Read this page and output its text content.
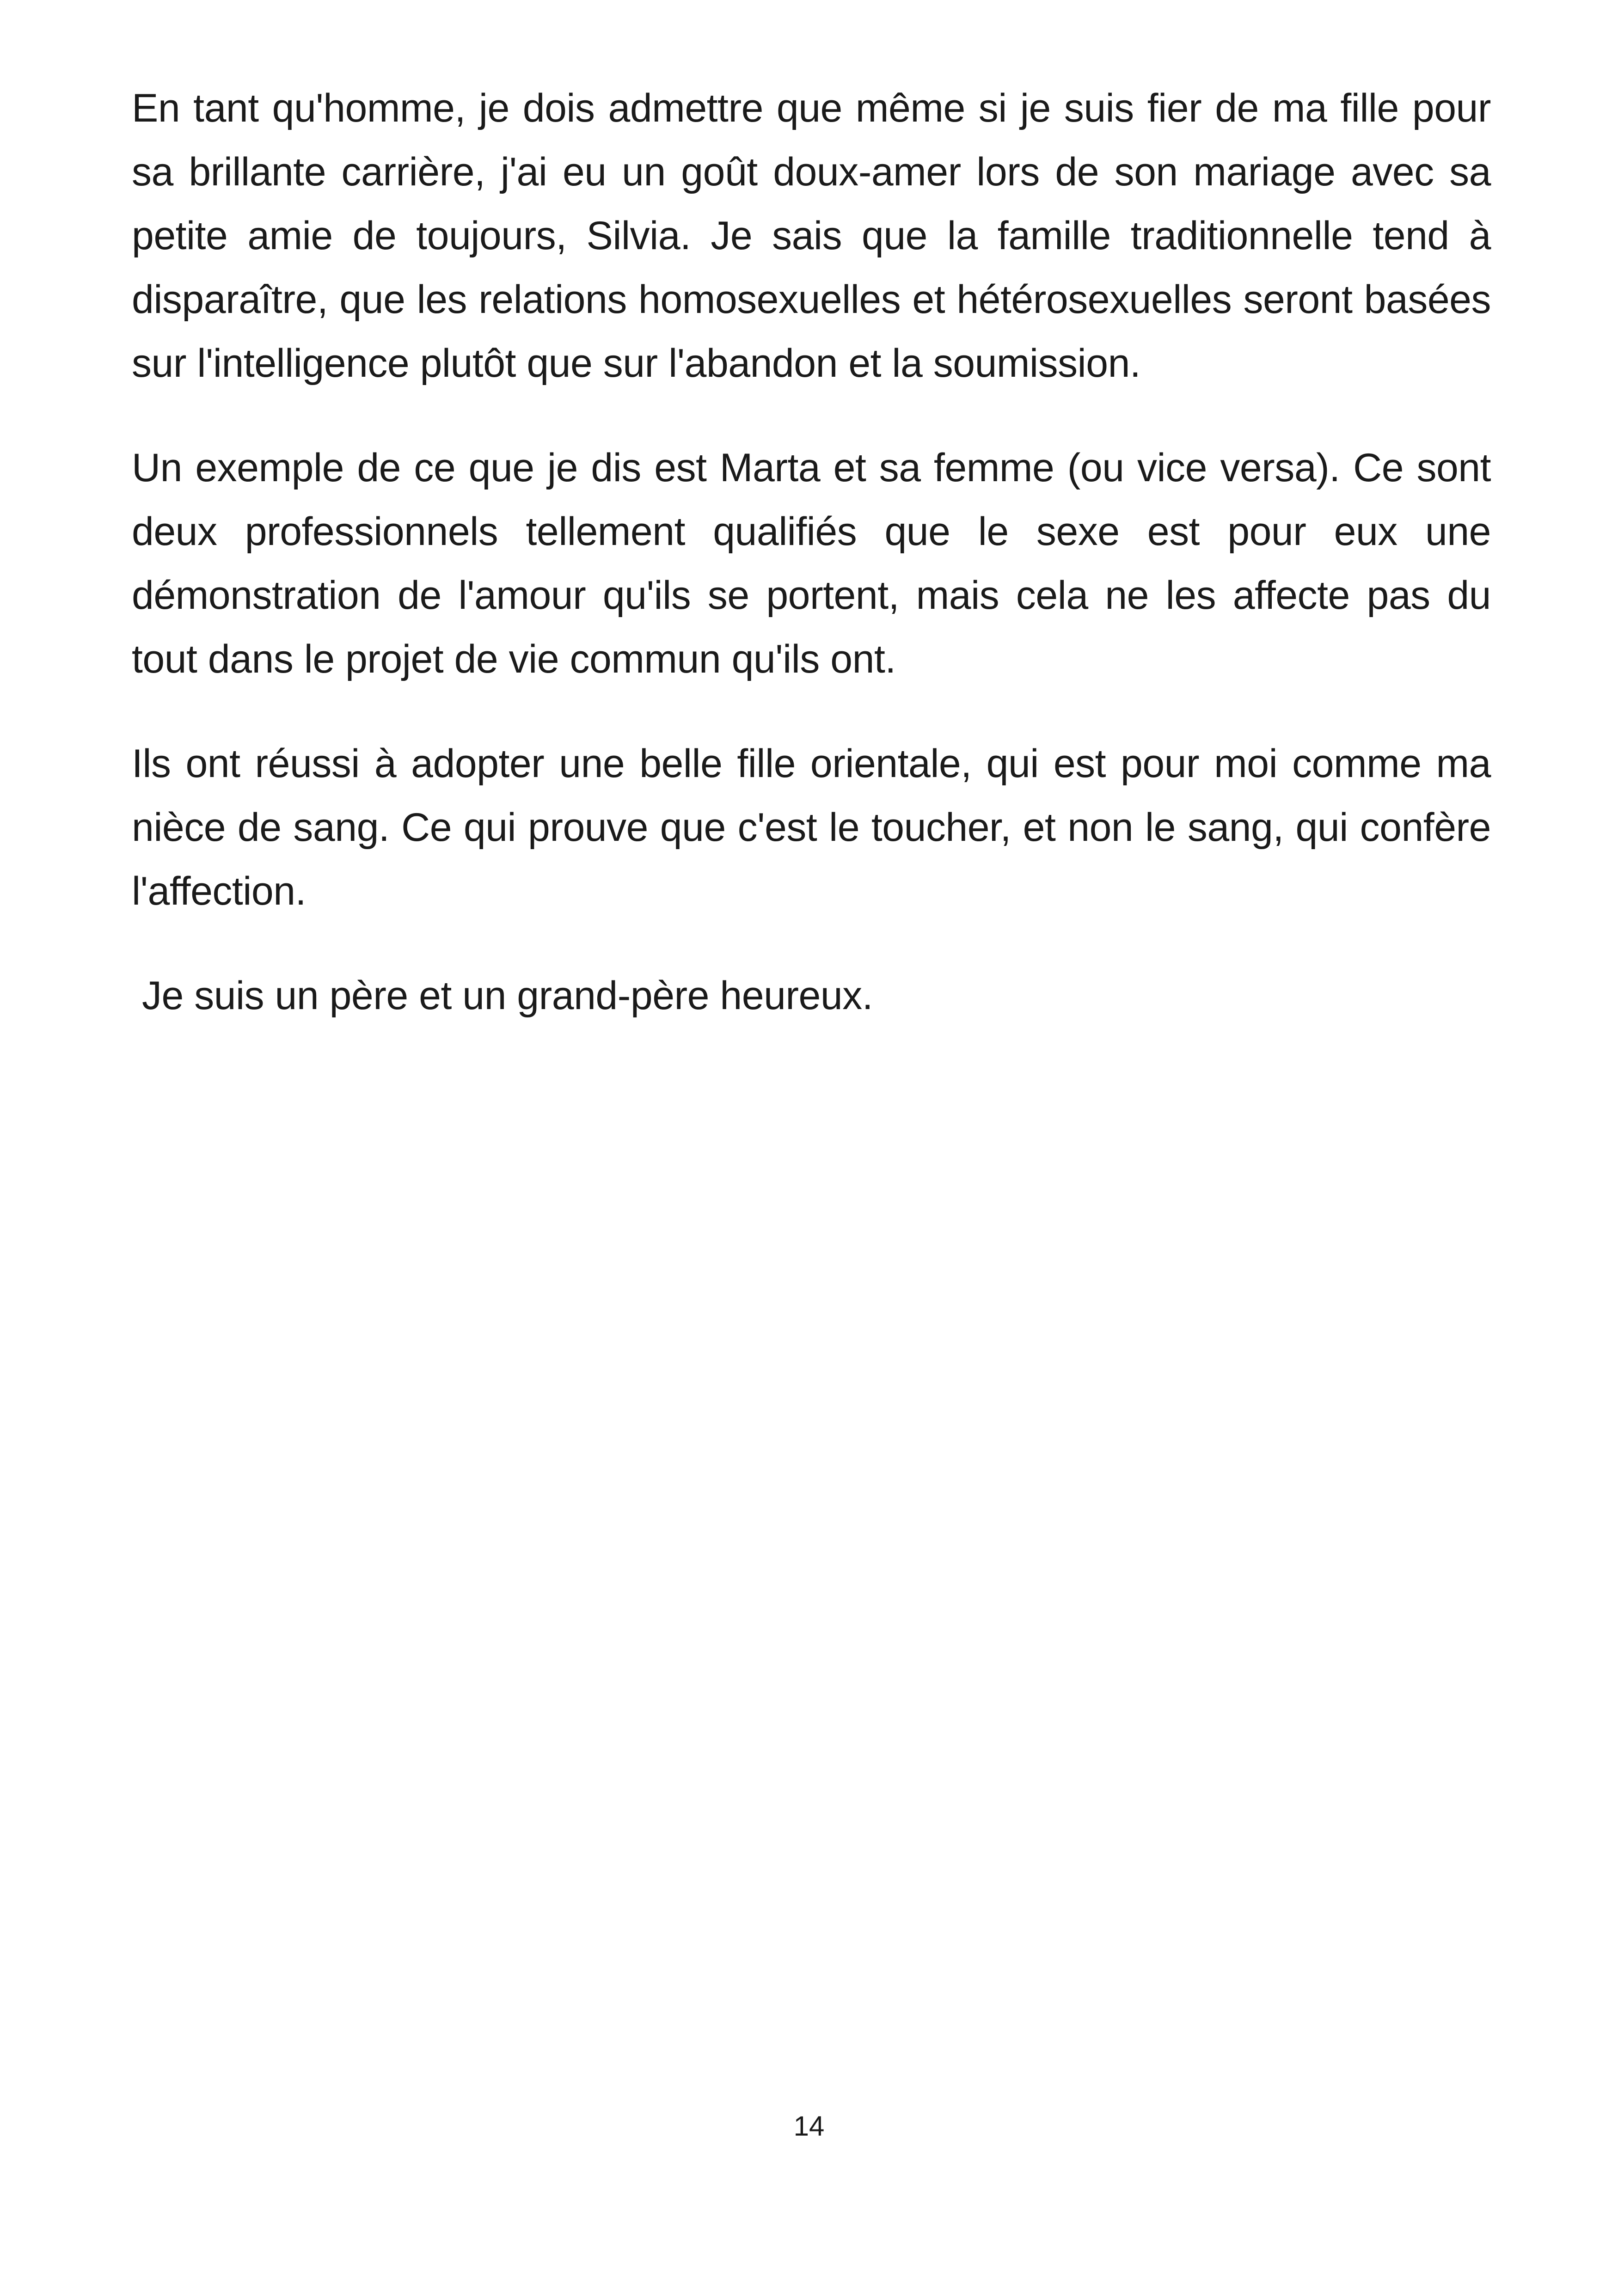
En tant qu'homme, je dois admettre que même si je suis fier de ma fille pour sa brillante carrière, j'ai eu un goût doux-amer lors de son mariage avec sa petite amie de toujours, Silvia. Je sais que la famille traditionnelle tend à disparaître, que les relations homosexuelles et hétérosexuelles seront basées sur l'intelligence plutôt que sur l'abandon et la soumission.

Un exemple de ce que je dis est Marta et sa femme (ou vice versa). Ce sont deux professionnels tellement qualifiés que le sexe est pour eux une démonstration de l'amour qu'ils se portent, mais cela ne les affecte pas du tout dans le projet de vie commun qu'ils ont.

Ils ont réussi à adopter une belle fille orientale, qui est pour moi comme ma nièce de sang. Ce qui prouve que c'est le toucher, et non le sang, qui confère l'affection.

Je suis un père et un grand-père heureux.

14
